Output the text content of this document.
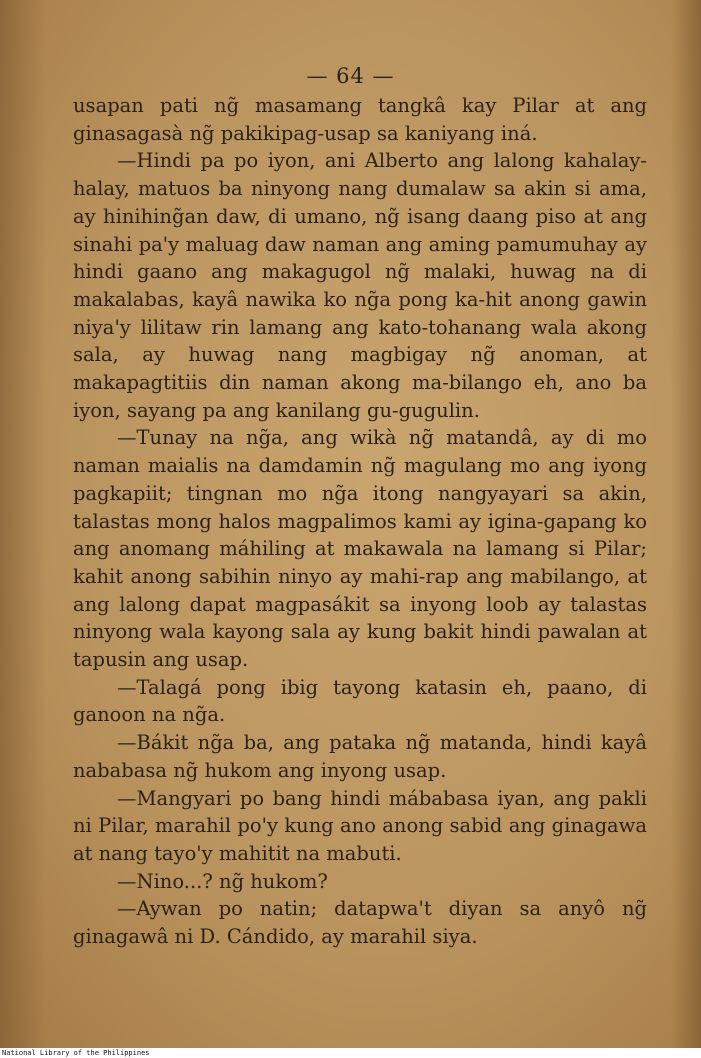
— 64 —

usapan pati ng̃ masamang tangkâ kay Pilar at ang ginasagasà ng̃ pakikipag-usap sa kaniyang iná.

—Hindi pa po iyon, ani Alberto ang lalong kahalay-halay, matuos ba ninyong nang dumalaw sa akin si ama, ay hinihing̃an daw, di umano, ng̃ isang daang piso at ang sinahi pa'y maluag daw naman ang aming pamumuhay ay hindi gaano ang makagugol ng̃ malaki, huwag na di makalabas, kayâ nawika ko ng̃a pong ka-hit anong gawin niya'y lilitaw rin lamang ang kato-tohanang wala akong sala, ay huwag nang magbigay ng̃ anoman, at makapagtitiis din naman akong ma-bilango eh, ano ba iyon, sayang pa ang kanilang gu-gugulin.

—Tunay na ng̃a, ang wikà ng̃ matandâ, ay di mo naman maialis na damdamin ng̃ magulang mo ang iyong pagkapiit; tingnan mo ng̃a itong nangyayari sa akin, talastas mong halos magpalimos kami ay igina-gapang ko ang anomang máhiling at makawala na lamang si Pilar; kahit anong sabihin ninyo ay mahi-rap ang mabilango, at ang lalong dapat magpasákit sa inyong loob ay talastas ninyong wala kayong sala ay kung bakit hindi pawalan at tapusin ang usap.

—Talagá pong ibig tayong katasin eh, paano, di ganoon na ng̃a.

—Bákit ng̃a ba, ang pataka ng̃ matanda, hindi kayâ nababasa ng̃ hukom ang inyong usap.

—Mangyari po bang hindi mábabasa iyan, ang pakli ni Pilar, marahil po'y kung ano anong sabid ang ginagawa at nang tayo'y mahitit na mabuti.

—Nino...? ng̃ hukom?

—Aywan po natin; datapwa't diyan sa anyô ng̃ ginagawâ ni D. Cándido, ay marahil siya.

National Library of the Philippines
